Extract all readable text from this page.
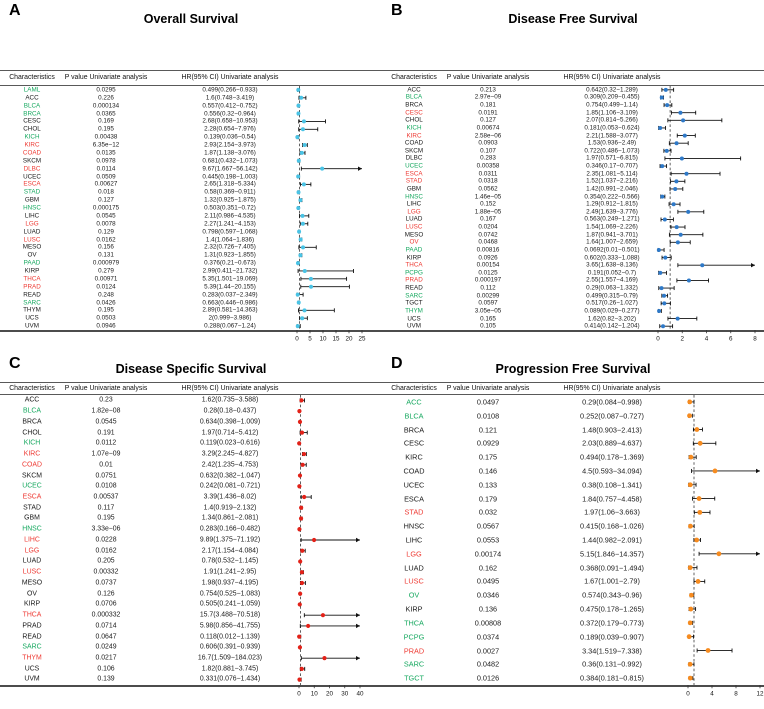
A	Overall Survival
Characteristics	P value Univariate analysis	HR(95% CI) Univariate analysis
LAML	0.0295	0.499(0.266−0.933)
ACC	0.226	1.6(0.748−3.419)
BLCA	0.000134	0.557(0.412−0.752)
BRCA	0.0365	0.556(0.32−0.964)
CESC	0.169	2.68(0.658−10.953)
CHOL	0.195	2.28(0.654−7.976)
KICH	0.00438	0.139(0.036−0.54)
KIRC	6.35e−12	2.93(2.154−3.973)
COAD	0.0135	1.87(1.138−3.076)
SKCM	0.0978	0.681(0.432−1.073)
DLBC	0.0114	9.67(1.667−56.142)
UCEC	0.0509	0.445(0.198−1.003)
ESCA	0.00627	2.65(1.318−5.334)
STAD	0.018	0.58(0.369−0.911)
GBM	0.127	1.32(0.925−1.875)
HNSC	0.000175	0.503(0.351−0.72)
LIHC	0.0545	2.11(0.986−4.535)
LGG	0.0078	2.27(1.241−4.153)
LUAD	0.129	0.798(0.597−1.068)
LUSC	0.0162	1.4(1.064−1.836)
MESO	0.156	2.32(0.726−7.405)
OV	0.131	1.31(0.923−1.855)
PAAD	0.000979	0.376(0.21−0.673)
KIRP	0.279	2.99(0.411−21.732)
THCA	0.00971	5.35(1.501−19.069)
PRAD	0.0124	5.39(1.44−20.155)
READ	0.248	0.283(0.037−2.349)
SARC	0.0426	0.663(0.446−0.986)
THYM	0.195	2.89(0.581−14.363)
UCS	0.0503	2(0.999−3.986)
UVM	0.0946	0.288(0.067−1.24)
0 5 10 15 20 25
B	Disease Free Survival
Characteristics	P value Univariate analysis	HR(95% CI) Univariate analysis
ACC	0.213	0.642(0.32−1.289)
BLCA	2.97e−09	0.309(0.209−0.455)
BRCA	0.181	0.754(0.499−1.14)
CESC	0.0191	1.85(1.106−3.109)
CHOL	0.127	2.07(0.814−5.266)
KICH	0.00674	0.181(0.053−0.624)
KIRC	2.58e−06	2.21(1.588−3.077)
COAD	0.0903	1.53(0.936−2.49)
SKCM	0.107	0.722(0.486−1.073)
DLBC	0.283	1.97(0.571−6.815)
UCEC	0.00358	0.346(0.17−0.707)
ESCA	0.0311	2.35(1.081−5.114)
STAD	0.0318	1.52(1.037−2.216)
GBM	0.0562	1.42(0.991−2.046)
HNSC	1.46e−05	0.354(0.222−0.566)
LIHC	0.152	1.29(0.912−1.815)
LGG	1.88e−05	2.49(1.639−3.776)
LUAD	0.167	0.563(0.249−1.271)
LUSC	0.0204	1.54(1.069−2.226)
MESO	0.0742	1.87(0.941−3.701)
OV	0.0468	1.64(1.007−2.659)
PAAD	0.00816	0.0692(0.01−0.501)
KIRP	0.0926	0.602(0.333−1.088)
THCA	0.00154	3.65(1.638−8.136)
PCPG	0.0125	0.191(0.052−0.7)
PRAD	0.000197	2.55(1.557−4.169)
READ	0.112	0.29(0.063−1.332)
SARC	0.00299	0.499(0.315−0.79)
TGCT	0.0597	0.517(0.26−1.027)
THYM	3.05e−05	0.089(0.029−0.277)
UCS	0.165	1.62(0.82−3.202)
UVM	0.105	0.414(0.142−1.204)
0	2	4	6	8
C	Disease Specific Survival
Characteristics	P value Univariate analysis	HR(95% CI) Univariate analysis
ACC	0.23	1.62(0.735−3.588)
BLCA	1.82e−08	0.28(0.18−0.437)
BRCA	0.0545	0.634(0.398−1.009)
CHOL	0.191	1.97(0.714−5.412)
KICH	0.0112	0.119(0.023−0.616)
KIRC	1.07e−09	3.29(2.245−4.827)
COAD	0.01	2.42(1.235−4.753)
SKCM	0.0751	0.632(0.382−1.047)
UCEC	0.0108	0.242(0.081−0.721)
ESCA	0.00537	3.39(1.436−8.02)
STAD	0.117	1.4(0.919−2.132)
GBM	0.195	1.34(0.861−2.081)
HNSC	3.33e−06	0.283(0.166−0.482)
LIHC	0.0228	9.89(1.375−71.192)
LGG	0.0162	2.17(1.154−4.084)
LUAD	0.205	0.78(0.532−1.145)
LUSC	0.00332	1.91(1.241−2.95)
MESO	0.0737	1.98(0.937−4.195)
OV	0.126	0.754(0.525−1.083)
KIRP	0.0706	0.505(0.241−1.059)
THCA	0.000332	15.7(3.488−70.518)
PRAD	0.0714	5.98(0.856−41.755)
READ	0.0647	0.118(0.012−1.139)
SARC	0.0249	0.606(0.391−0.939)
THYM	0.0217	16.7(1.509−184.023)
UCS	0.106	1.82(0.881−3.745)
UVM	0.139	0.331(0.076−1.434)
0 10 20 30 40
D	Progression Free Survival
Characteristics	P value Univariate analysis	HR(95% CI) Univariate analysis
ACC	0.0497	0.29(0.084−0.998)
BLCA	0.0108	0.252(0.087−0.727)
BRCA	0.121	1.48(0.903−2.413)
CESC	0.0929	2.03(0.889−4.637)
KIRC	0.175	0.494(0.178−1.369)
COAD	0.146	4.5(0.593−34.094)
UCEC	0.133	0.38(0.108−1.341)
ESCA	0.179	1.84(0.757−4.458)
STAD	0.032	1.97(1.06−3.663)
HNSC	0.0567	0.415(0.168−1.026)
LIHC	0.0553	1.44(0.982−2.091)
LGG	0.00174	5.15(1.846−14.357)
LUAD	0.162	0.368(0.091−1.494)
LUSC	0.0495	1.67(1.001−2.79)
OV	0.0346	0.574(0.343−0.96)
KIRP	0.136	0.475(0.178−1.265)
THCA	0.00808	0.372(0.179−0.773)
PCPG	0.0374	0.189(0.039−0.907)
PRAD	0.0027	3.34(1.519−7.338)
SARC	0.0482	0.36(0.131−0.992)
TGCT	0.0126	0.384(0.181−0.815)
0	4	8	12
